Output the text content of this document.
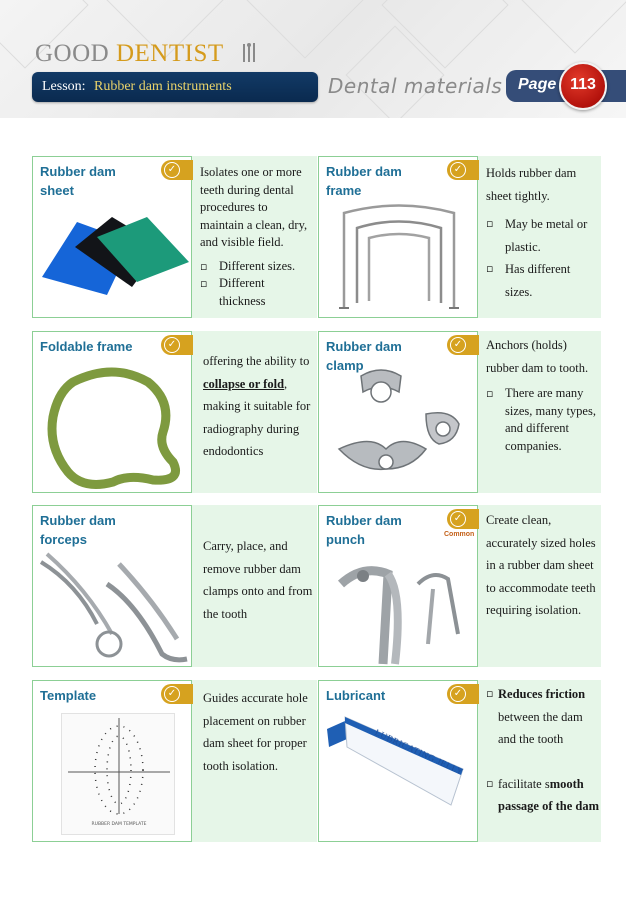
GOOD DENTIST
Lesson: Rubber dam instruments	Dental materials Page 113
Rubber dam sheet
✓	Isolates one or more teeth during dental procedures to maintain a clean, dry, and visible field.
▫ Different sizes.
▫ Different thickness
Rubber dam frame
✓	Holds rubber dam sheet tightly.
▫ May be metal or plastic.
▫ Has different sizes.
Foldable frame	✓
offering the ability to collapse or fold, making it suitable for radiography during endodontics
Rubber dam clamp
✓	Anchors (holds) rubber dam to tooth.
▫ There are many sizes, many types, and different companies.
Rubber dam forceps	Carry, place, and remove rubber dam clamps onto and from the tooth
Rubber dam punch
✓
Common
Create clean, accurately sized holes in a rubber dam sheet to accommodate teeth requiring isolation.
RUBBER DAM TEMPLATE
Template	✓	Guides accurate hole placement on rubber dam sheet for proper tooth isolation.	LUBRICATING JELLY
Lubricant	✓
▫	Reduces friction between the dam and the tooth
▫ facilitate smooth passage of the dam
